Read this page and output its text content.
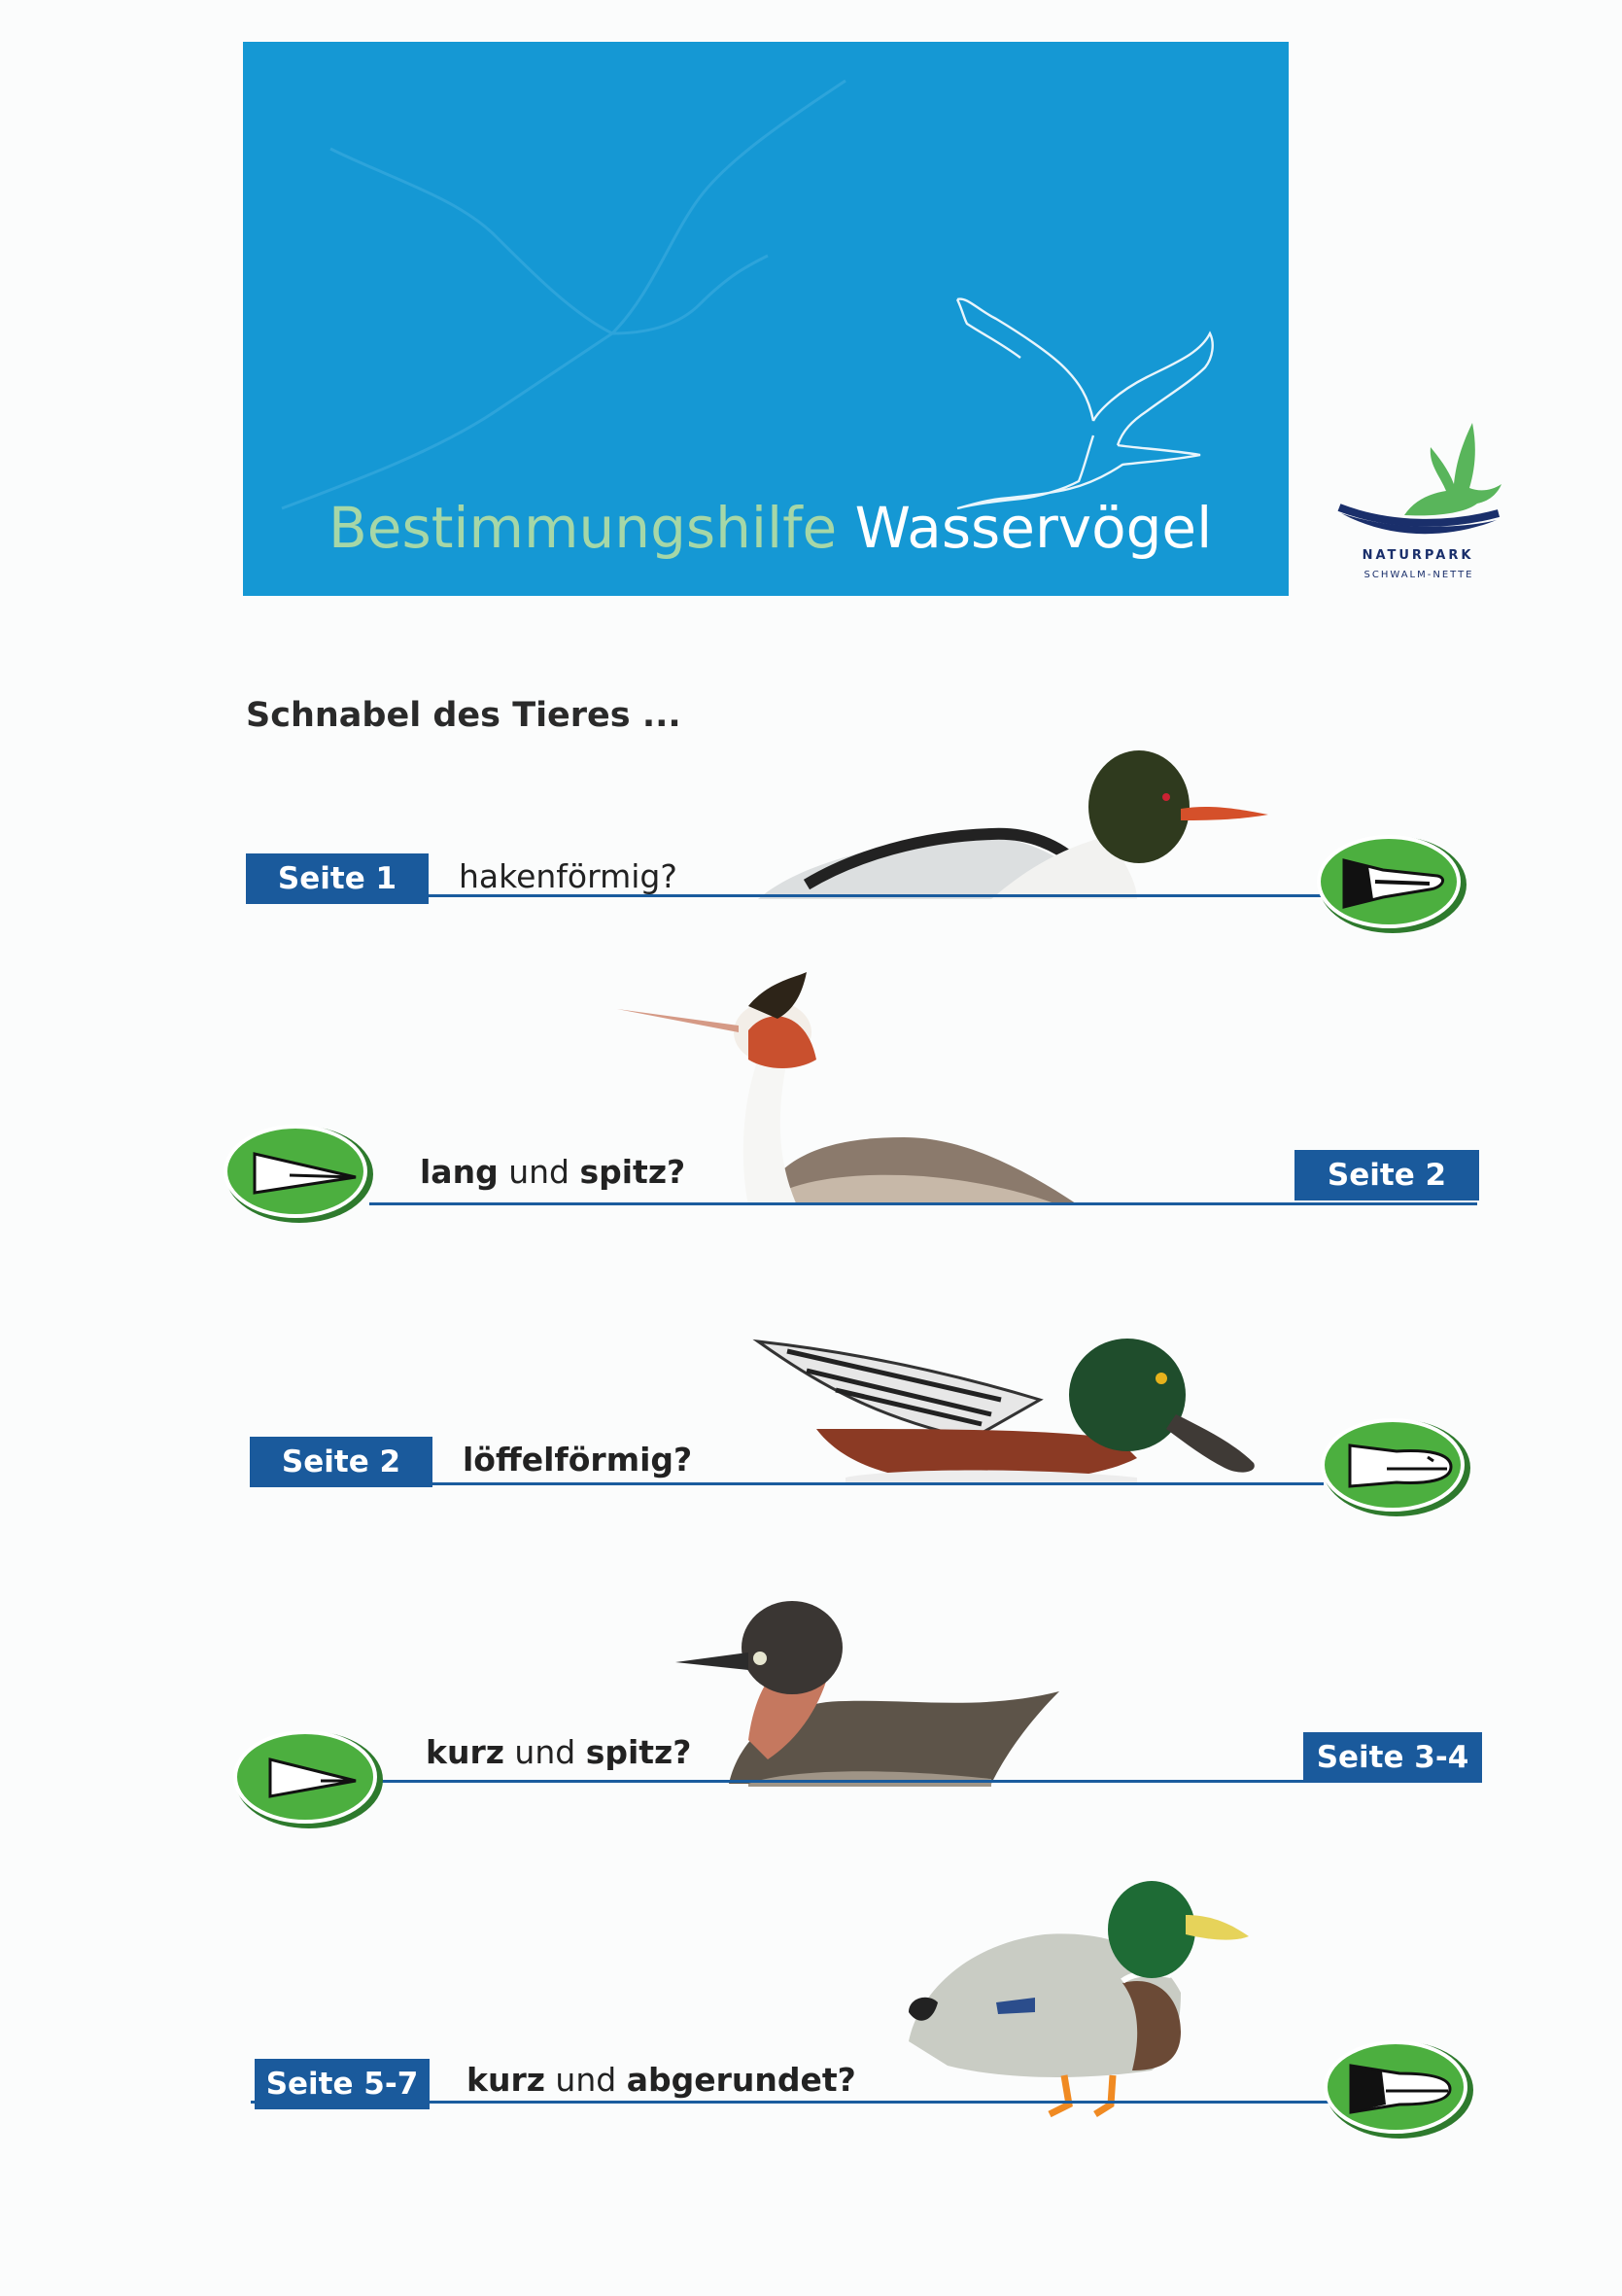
Bestimmungshilfe Wasservögel	NATURPARK
SCHWALM-NETTE
Schnabel des Tieres ...
Seite 1	hakenförmig?
lang und spitz?	Seite 2
Seite 2	löffelförmig?
kurz und spitz?	Seite 3-4
Seite 5-7	kurz und abgerundet?
